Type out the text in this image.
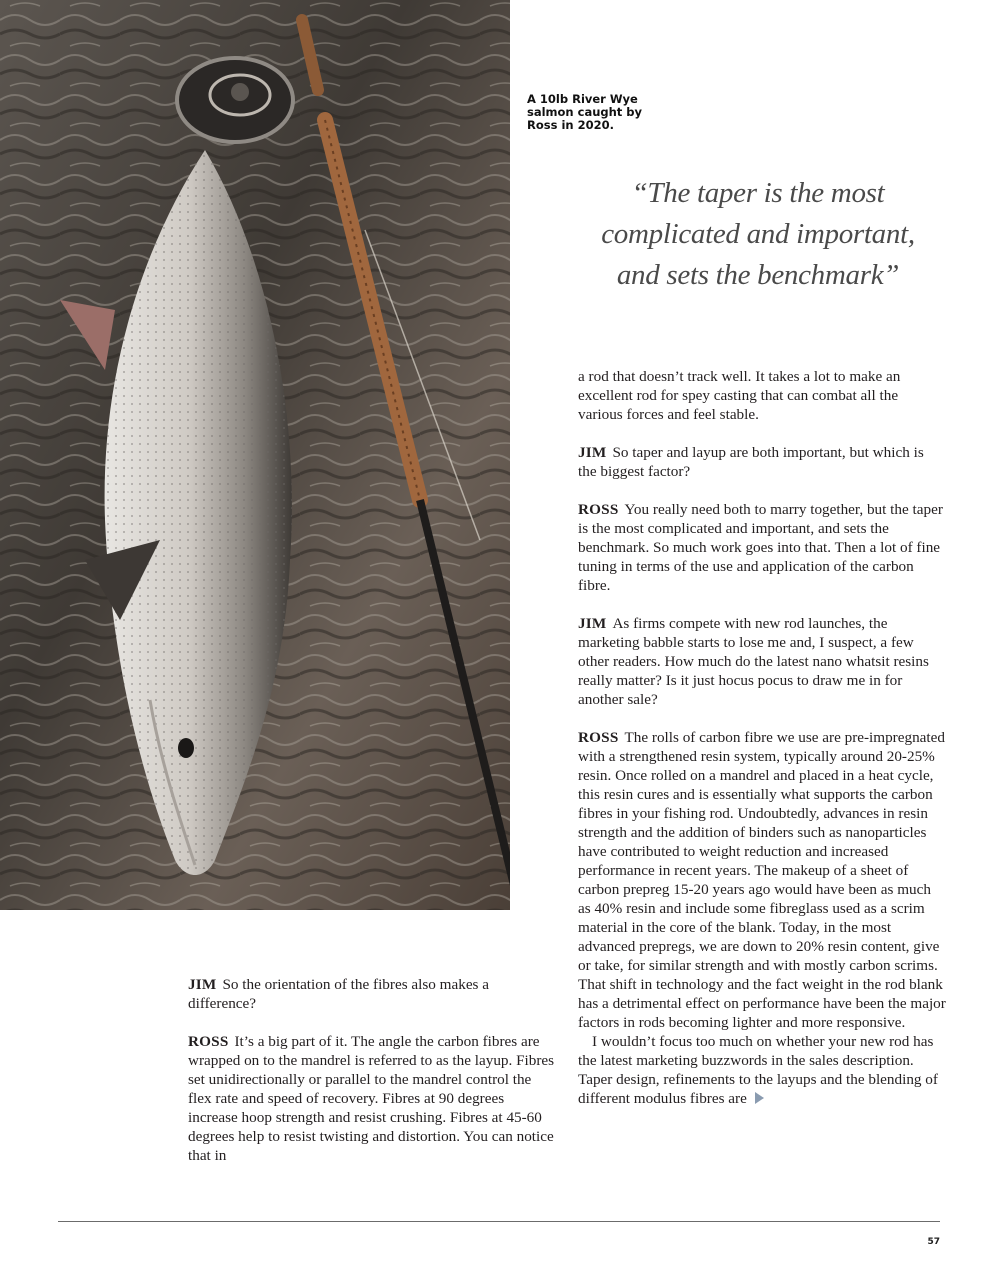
A 10lb River Wye salmon caught by Ross in 2020.
“The taper is the most
complicated and important,
and sets the benchmark”

JIM So the orientation of the fibres also makes a difference?

ROSS It’s a big part of it. The angle the carbon fibres are wrapped on to the mandrel is referred to as the layup. Fibres set unidirectionally or parallel to the mandrel control the flex rate and speed of recovery. Fibres at 90 degrees increase hoop strength and resist crushing. Fibres at 45-60 degrees help to resist twisting and distortion. You can notice that in

a rod that doesn’t track well. It takes a lot to make an excellent rod for spey casting that can combat all the various forces and feel stable.

JIM So taper and layup are both important, but which is the biggest factor?

ROSS You really need both to marry together, but the taper is the most complicated and important, and sets the benchmark. So much work goes into that. Then a lot of fine tuning in terms of the use and application of the carbon fibre.

JIM As firms compete with new rod launches, the marketing babble starts to lose me and, I suspect, a few other readers. How much do the latest nano whatsit resins really matter? Is it just hocus pocus to draw me in for another sale?

ROSS The rolls of carbon fibre we use are pre-impregnated with a strengthened resin system, typically around 20-25% resin. Once rolled on a mandrel and placed in a heat cycle, this resin cures and is essentially what supports the carbon fibres in your fishing rod. Undoubtedly, advances in resin strength and the addition of binders such as nanoparticles have contributed to weight reduction and increased performance in recent years. The makeup of a sheet of carbon prepreg 15-20 years ago would have been as much as 40% resin and include some fibreglass used as a scrim material in the core of the blank. Today, in the most advanced prepregs, we are down to 20% resin content, give or take, for similar strength and with mostly carbon scrims. That shift in technology and the fact weight in the rod blank has a detrimental effect on performance have been the major factors in rods becoming lighter and more responsive.

I wouldn’t focus too much on whether your new rod has the latest marketing buzzwords in the sales description. Taper design, refinements to the layups and the blending of different modulus fibres are

57
